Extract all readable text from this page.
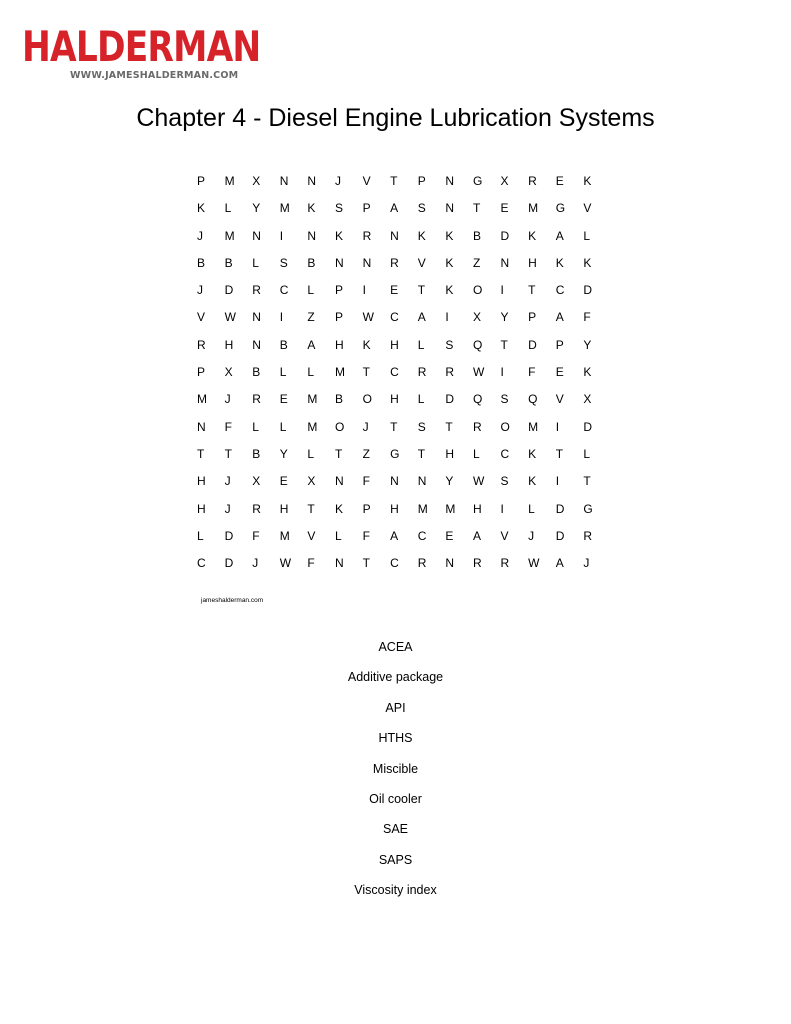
HALDERMAN
WWW.JAMESHALDERMAN.COM
Chapter 4 - Diesel Engine Lubrication Systems
P	M	X	N	N	J	V	T	P	N	G	X	R	E	K
K	L	Y	M	K	S	P	A	S	N	T	E	M	G	V
J	M	N	I	N	K	R	N	K	K	B	D	K	A	L
B	B	L	S	B	N	N	R	V	K	Z	N	H	K	K
J	D	R	C	L	P	I	E	T	K	O	I	T	C	D
V	W	N	I	Z	P	W	C	A	I	X	Y	P	A	F
R	H	N	B	A	H	K	H	L	S	Q	T	D	P	Y
P	X	B	L	L	M	T	C	R	R	W	I	F	E	K
M	J	R	E	M	B	O	H	L	D	Q	S	Q	V	X
N	F	L	L	M	O	J	T	S	T	R	O	M	I	D
T	T	B	Y	L	T	Z	G	T	H	L	C	K	T	L
H	J	X	E	X	N	F	N	N	Y	W	S	K	I	T
H	J	R	H	T	K	P	H	M	M	H	I	L	D	G
L	D	F	M	V	L	F	A	C	E	A	V	J	D	R
C	D	J	W	F	N	T	C	R	N	R	R	W	A	J
jameshalderman.com
ACEA
Additive package
API
HTHS
Miscible
Oil cooler
SAE
SAPS
Viscosity index
